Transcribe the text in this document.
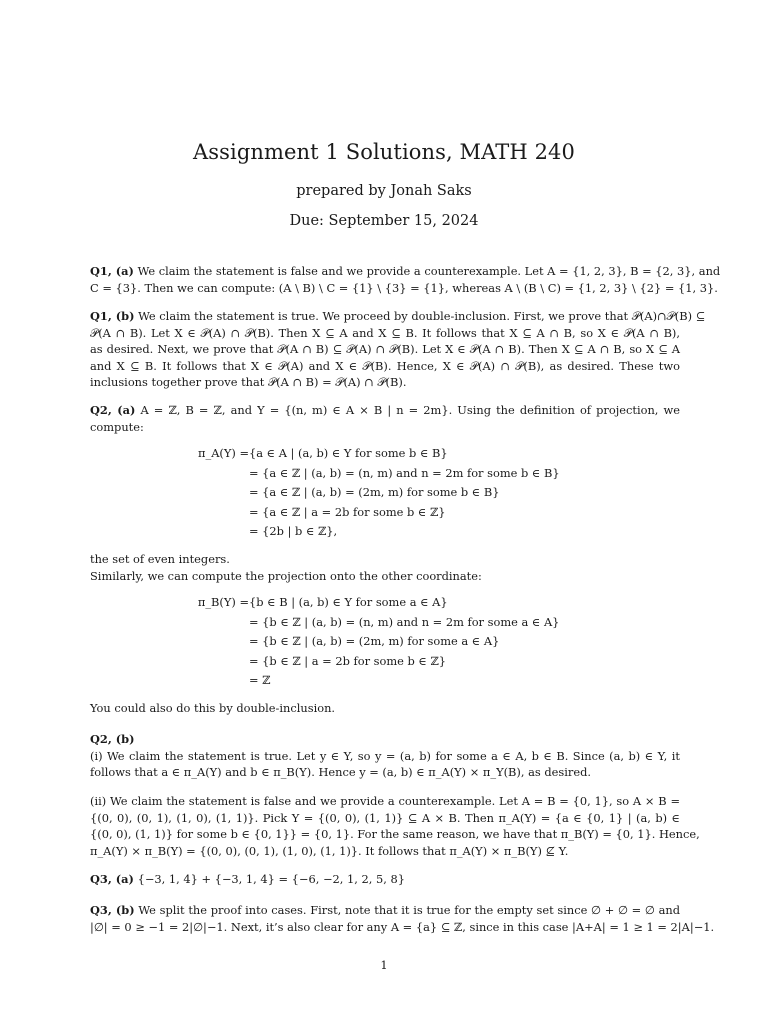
Assignment 1 Solutions, MATH 240
prepared by Jonah Saks
Due: September 15, 2024
Q1, (a) We claim the statement is false and we provide a counterexample. Let A = {1, 2, 3}, B = {2, 3}, and
C = {3}. Then we can compute: (A \ B) \ C = {1} \ {3} = {1}, whereas A \ (B \ C) = {1, 2, 3} \ {2} = {1, 3}.
Q1, (b) We claim the statement is true. We proceed by double-inclusion. First, we prove that 𝒫(A)∩𝒫(B) ⊆
𝒫(A ∩ B). Let X ∈ 𝒫(A) ∩ 𝒫(B). Then X ⊆ A and X ⊆ B. It follows that X ⊆ A ∩ B, so X ∈ 𝒫(A ∩ B),
as desired. Next, we prove that 𝒫(A ∩ B) ⊆ 𝒫(A) ∩ 𝒫(B). Let X ∈ 𝒫(A ∩ B). Then X ⊆ A ∩ B, so X ⊆ A
and X ⊆ B. It follows that X ∈ 𝒫(A) and X ∈ 𝒫(B). Hence, X ∈ 𝒫(A) ∩ 𝒫(B), as desired. These two
inclusions together prove that 𝒫(A ∩ B) = 𝒫(A) ∩ 𝒫(B).
Q2, (a) A = ℤ, B = ℤ, and Y = {(n, m) ∈ A × B | n = 2m}. Using the definition of projection, we
compute:
π_A(Y) = {a ∈ A | (a, b) ∈ Y for some b ∈ B}
= {a ∈ ℤ | (a, b) = (n, m) and n = 2m for some b ∈ B}
= {a ∈ ℤ | (a, b) = (2m, m) for some b ∈ B}
= {a ∈ ℤ | a = 2b for some b ∈ ℤ}
= {2b | b ∈ ℤ},
the set of even integers.
Similarly, we can compute the projection onto the other coordinate:
π_B(Y) = {b ∈ B | (a, b) ∈ Y for some a ∈ A}
= {b ∈ ℤ | (a, b) = (n, m) and n = 2m for some a ∈ A}
= {b ∈ ℤ | (a, b) = (2m, m) for some a ∈ A}
= {b ∈ ℤ | a = 2b for some b ∈ ℤ}
= ℤ
You could also do this by double-inclusion.
Q2, (b)
(i) We claim the statement is true. Let y ∈ Y, so y = (a, b) for some a ∈ A, b ∈ B. Since (a, b) ∈ Y, it
follows that a ∈ π_A(Y) and b ∈ π_B(Y). Hence y = (a, b) ∈ π_A(Y) × π_Y(B), as desired.
(ii) We claim the statement is false and we provide a counterexample. Let A = B = {0, 1}, so A × B =
{(0, 0), (0, 1), (1, 0), (1, 1)}. Pick Y = {(0, 0), (1, 1)} ⊆ A × B. Then π_A(Y) = {a ∈ {0, 1} | (a, b) ∈
{(0, 0), (1, 1)} for some b ∈ {0, 1}} = {0, 1}. For the same reason, we have that π_B(Y) = {0, 1}. Hence,
π_A(Y) × π_B(Y) = {(0, 0), (0, 1), (1, 0), (1, 1)}. It follows that π_A(Y) × π_B(Y) ⊈ Y.
Q3, (a) {−3, 1, 4} + {−3, 1, 4} = {−6, −2, 1, 2, 5, 8}
Q3, (b) We split the proof into cases. First, note that it is true for the empty set since ∅ + ∅ = ∅ and
|∅| = 0 ≥ −1 = 2|∅|−1. Next, it’s also clear for any A = {a} ⊆ ℤ, since in this case |A+A| = 1 ≥ 1 = 2|A|−1.
1
